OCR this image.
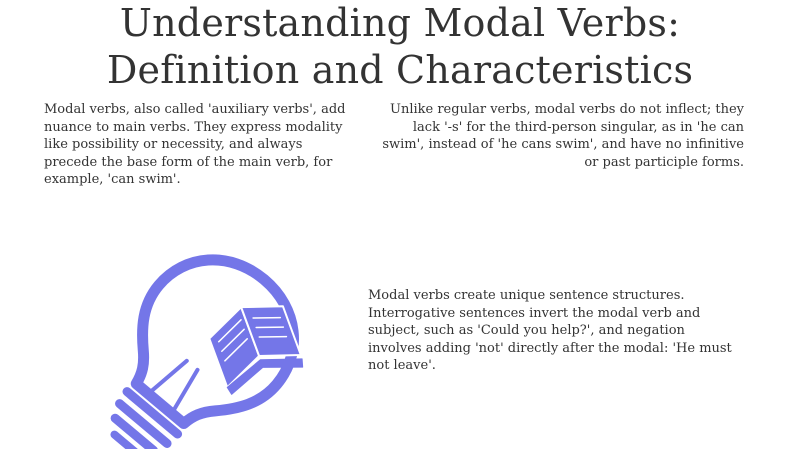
Understanding Modal Verbs:
Definition and Characteristics

Modal verbs, also called 'auxiliary verbs', add nuance to main verbs. They express modality like possibility or necessity, and always precede the base form of the main verb, for example, 'can swim'.

Unlike regular verbs, modal verbs do not inflect; they lack '-s' for the third-person singular, as in 'he can swim', instead of 'he cans swim', and have no infinitive or past participle forms.

Modal verbs create unique sentence structures. Interrogative sentences invert the modal verb and subject, such as 'Could you help?', and negation involves adding 'not' directly after the modal: 'He must not leave'.
